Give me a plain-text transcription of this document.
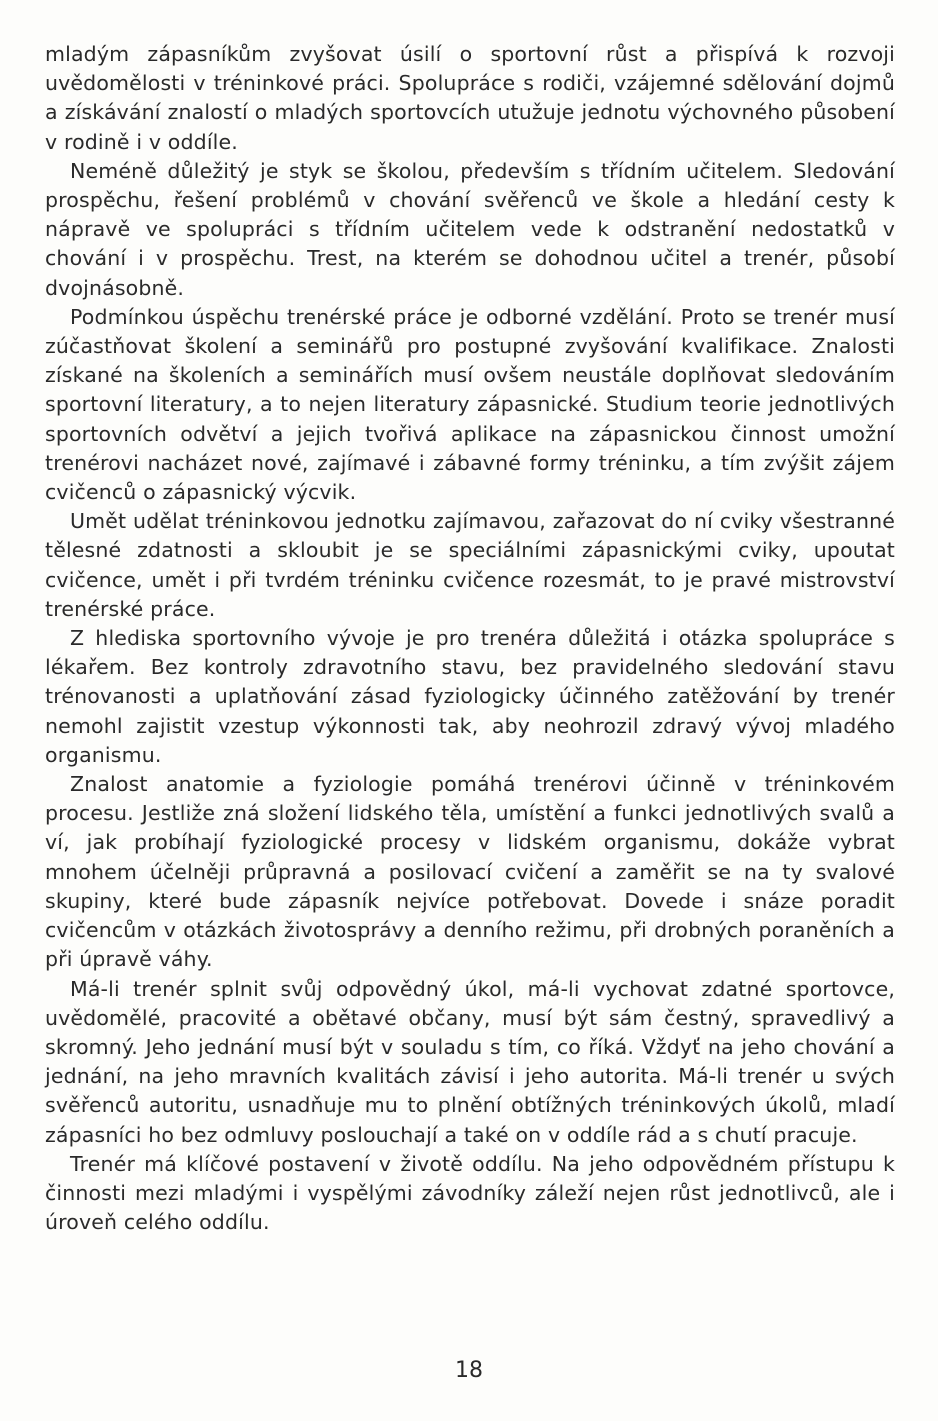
mladým zápasníkům zvyšovat úsilí o sportovní růst a přispívá k rozvoji uvědomělosti v tréninkové práci. Spolupráce s rodiči, vzájemné sdělování dojmů a získávání znalostí o mladých sportovcích utužuje jednotu výchovného působení v rodině i v oddíle.

Neméně důležitý je styk se školou, především s třídním učitelem. Sledování prospěchu, řešení problémů v chování svěřenců ve škole a hledání cesty k nápravě ve spolupráci s třídním učitelem vede k odstranění nedostatků v chování i v prospěchu. Trest, na kterém se dohodnou učitel a trenér, působí dvojnásobně.

Podmínkou úspěchu trenérské práce je odborné vzdělání. Proto se trenér musí zúčastňovat školení a seminářů pro postupné zvyšování kvalifikace. Znalosti získané na školeních a seminářích musí ovšem neustále doplňovat sledováním sportovní literatury, a to nejen literatury zápasnické. Studium teorie jednotlivých sportovních odvětví a jejich tvořivá aplikace na zápasnickou činnost umožní trenérovi nacházet nové, zajímavé i zábavné formy tréninku, a tím zvýšit zájem cvičenců o zápasnický výcvik.

Umět udělat tréninkovou jednotku zajímavou, zařazovat do ní cviky všestranné tělesné zdatnosti a skloubit je se speciálními zápasnickými cviky, upoutat cvičence, umět i při tvrdém tréninku cvičence rozesmát, to je pravé mistrovství trenérské práce.

Z hlediska sportovního vývoje je pro trenéra důležitá i otázka spolupráce s lékařem. Bez kontroly zdravotního stavu, bez pravidelného sledování stavu trénovanosti a uplatňování zásad fyziologicky účinného zatěžování by trenér nemohl zajistit vzestup výkonnosti tak, aby neohrozil zdravý vývoj mladého organismu.

Znalost anatomie a fyziologie pomáhá trenérovi účinně v tréninkovém procesu. Jestliže zná složení lidského těla, umístění a funkci jednotlivých svalů a ví, jak probíhají fyziologické procesy v lidském organismu, dokáže vybrat mnohem účelněji průpravná a posilovací cvičení a zaměřit se na ty svalové skupiny, které bude zápasník nejvíce potřebovat. Dovede i snáze poradit cvičencům v otázkách životosprávy a denního režimu, při drobných poraněních a při úpravě váhy.

Má-li trenér splnit svůj odpovědný úkol, má-li vychovat zdatné sportovce, uvědomělé, pracovité a obětavé občany, musí být sám čestný, spravedlivý a skromný. Jeho jednání musí být v souladu s tím, co říká. Vždyť na jeho chování a jednání, na jeho mravních kvalitách závisí i jeho autorita. Má-li trenér u svých svěřenců autoritu, usnadňuje mu to plnění obtížných tréninkových úkolů, mladí zápasníci ho bez odmluvy poslouchají a také on v oddíle rád a s chutí pracuje.

Trenér má klíčové postavení v životě oddílu. Na jeho odpovědném přístupu k činnosti mezi mladými i vyspělými závodníky záleží nejen růst jednotlivců, ale i úroveň celého oddílu.

18
